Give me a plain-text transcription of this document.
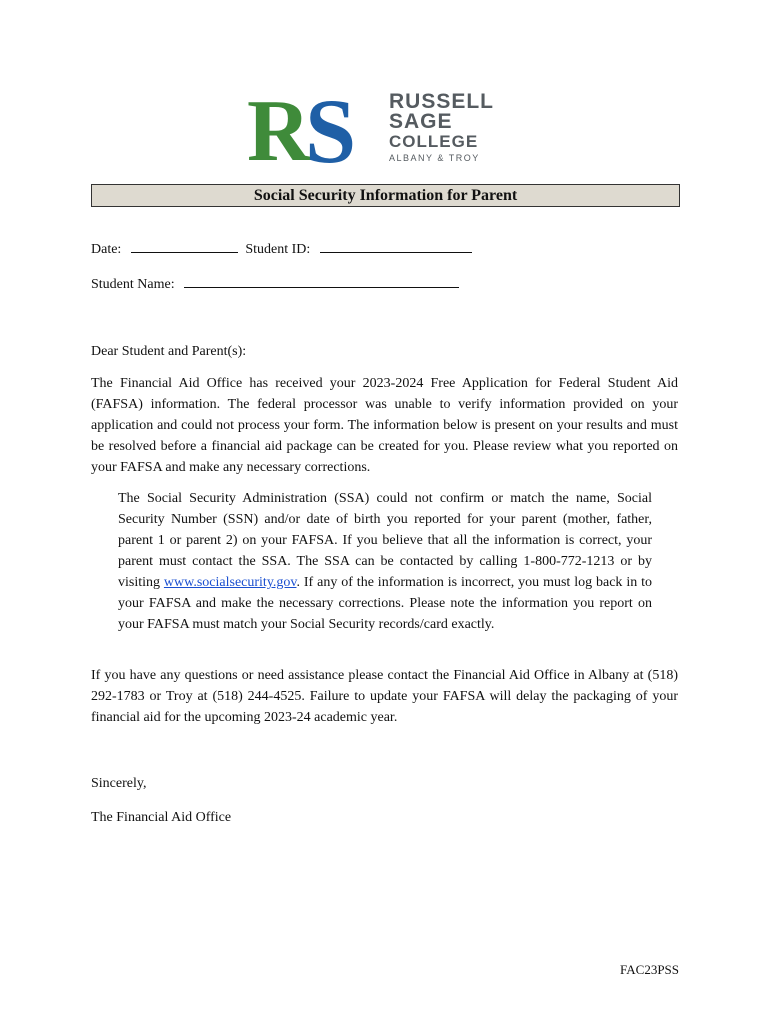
R
S RUSSELL
SAGE
COLLEGE
ALBANY & TROY
Social Security Information for Parent
Date:	Student ID:
Student Name:

Dear Student and Parent(s):

The Financial Aid Office has received your 2023-2024 Free Application for Federal Student Aid (FAFSA) information. The federal processor was unable to verify information provided on your application and could not process your form. The information below is present on your results and must be resolved before a financial aid package can be created for you. Please review what you reported on your FAFSA and make any necessary corrections.

The Social Security Administration (SSA) could not confirm or match the name, Social Security Number (SSN) and/or date of birth you reported for your parent (mother, father, parent 1 or parent 2) on your FAFSA. If you believe that all the information is correct, your parent must contact the SSA. The SSA can be contacted by calling 1-800-772-1213 or by visiting www.socialsecurity.gov. If any of the information is incorrect, you must log back in to your FAFSA and make the necessary corrections. Please note the information you report on your FAFSA must match your Social Security records/card exactly.

If you have any questions or need assistance please contact the Financial Aid Office in Albany at (518) 292-1783 or Troy at (518) 244-4525. Failure to update your FAFSA will delay the packaging of your financial aid for the upcoming 2023-24 academic year.

Sincerely,

The Financial Aid Office

FAC23PSS
